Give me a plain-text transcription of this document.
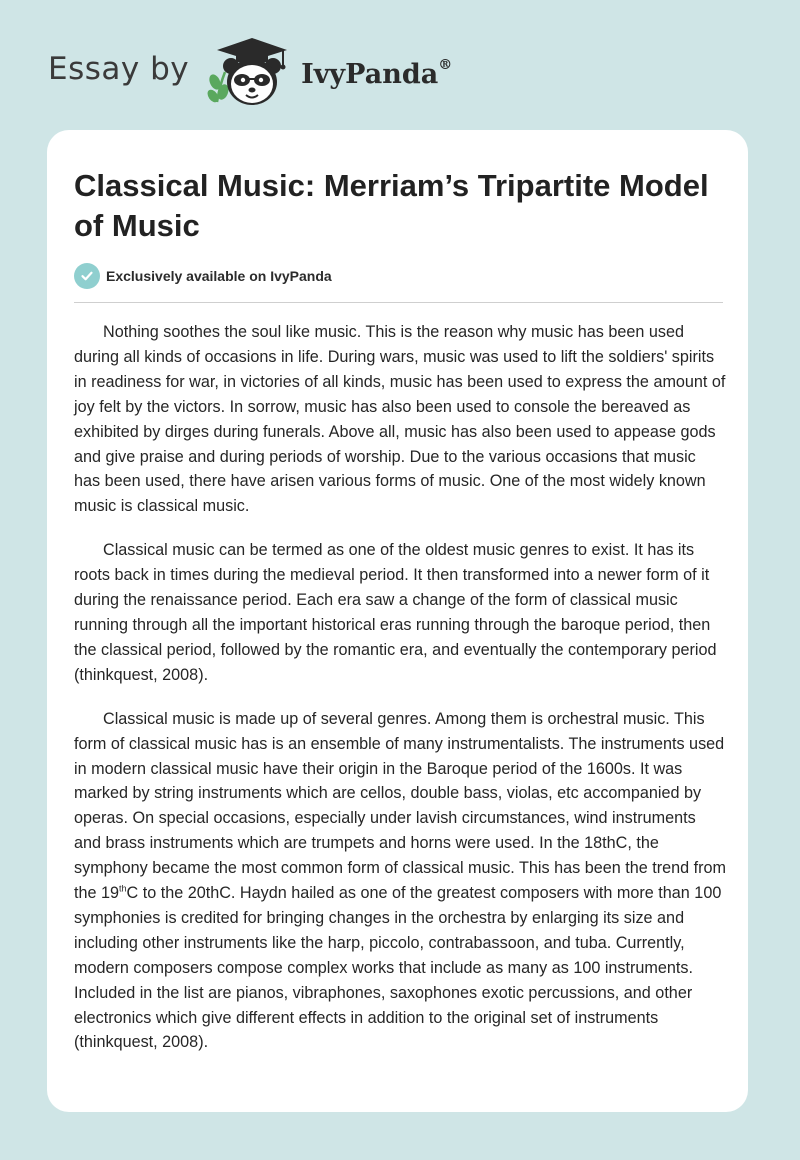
Essay by	IvyPanda®
Classical Music: Merriam’s Tripartite Model of Music
Exclusively available on IvyPanda

Nothing soothes the soul like music. This is the reason why music has been used during all kinds of occasions in life. During wars, music was used to lift the soldiers' spirits in readiness for war, in victories of all kinds, music has been used to express the amount of joy felt by the victors. In sorrow, music has also been used to console the bereaved as exhibited by dirges during funerals. Above all, music has also been used to appease gods and give praise and during periods of worship. Due to the various occasions that music has been used, there have arisen various forms of music. One of the most widely known music is classical music.

Classical music can be termed as one of the oldest music genres to exist. It has its roots back in times during the medieval period. It then transformed into a newer form of it during the renaissance period. Each era saw a change of the form of classical music running through all the important historical eras running through the baroque period, then the classical period, followed by the romantic era, and eventually the contemporary period (thinkquest, 2008).

Classical music is made up of several genres. Among them is orchestral music. This form of classical music has is an ensemble of many instrumentalists. The instruments used in modern classical music have their origin in the Baroque period of the 1600s. It was marked by string instruments which are cellos, double bass, violas, etc accompanied by operas. On special occasions, especially under lavish circumstances, wind instruments and brass instruments which are trumpets and horns were used. In the 18thC, the symphony became the most common form of classical music. This has been the trend from the 19thC to the 20thC. Haydn hailed as one of the greatest composers with more than 100 symphonies is credited for bringing changes in the orchestra by enlarging its size and including other instruments like the harp, piccolo, contrabassoon, and tuba. Currently, modern composers compose complex works that include as many as 100 instruments. Included in the list are pianos, vibraphones, saxophones exotic percussions, and other electronics which give different effects in addition to the original set of instruments (thinkquest, 2008).
